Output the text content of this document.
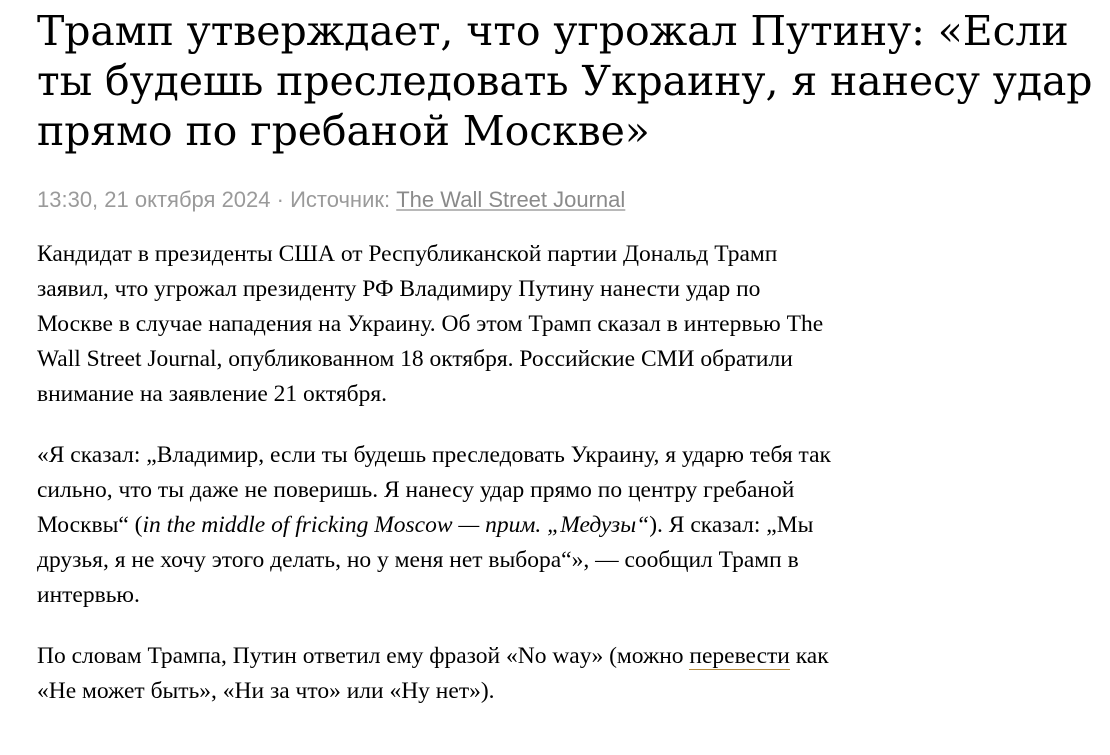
Трамп утверждает, что угрожал Путину: «Если ты будешь преследовать Украину, я нанесу удар прямо по гребаной Москве»
13:30, 21 октября 2024 · Источник: The Wall Street Journal

Кандидат в президенты США от Республиканской партии Дональд Трамп заявил, что угрожал президенту РФ Владимиру Путину нанести удар по Москве в случае нападения на Украину. Об этом Трамп сказал в интервью The Wall Street Journal, опубликованном 18 октября. Российские СМИ обратили внимание на заявление 21 октября.

«Я сказал: „Владимир, если ты будешь преследовать Украину, я ударю тебя так сильно, что ты даже не поверишь. Я нанесу удар прямо по центру гребаной Москвы“ (in the middle of fricking Moscow — прим. „Медузы“). Я сказал: „Мы друзья, я не хочу этого делать, но у меня нет выбора“», — сообщил Трамп в интервью.

По словам Трампа, Путин ответил ему фразой «No way» (можно перевести как «Не может быть», «Ни за что» или «Ну нет»).
